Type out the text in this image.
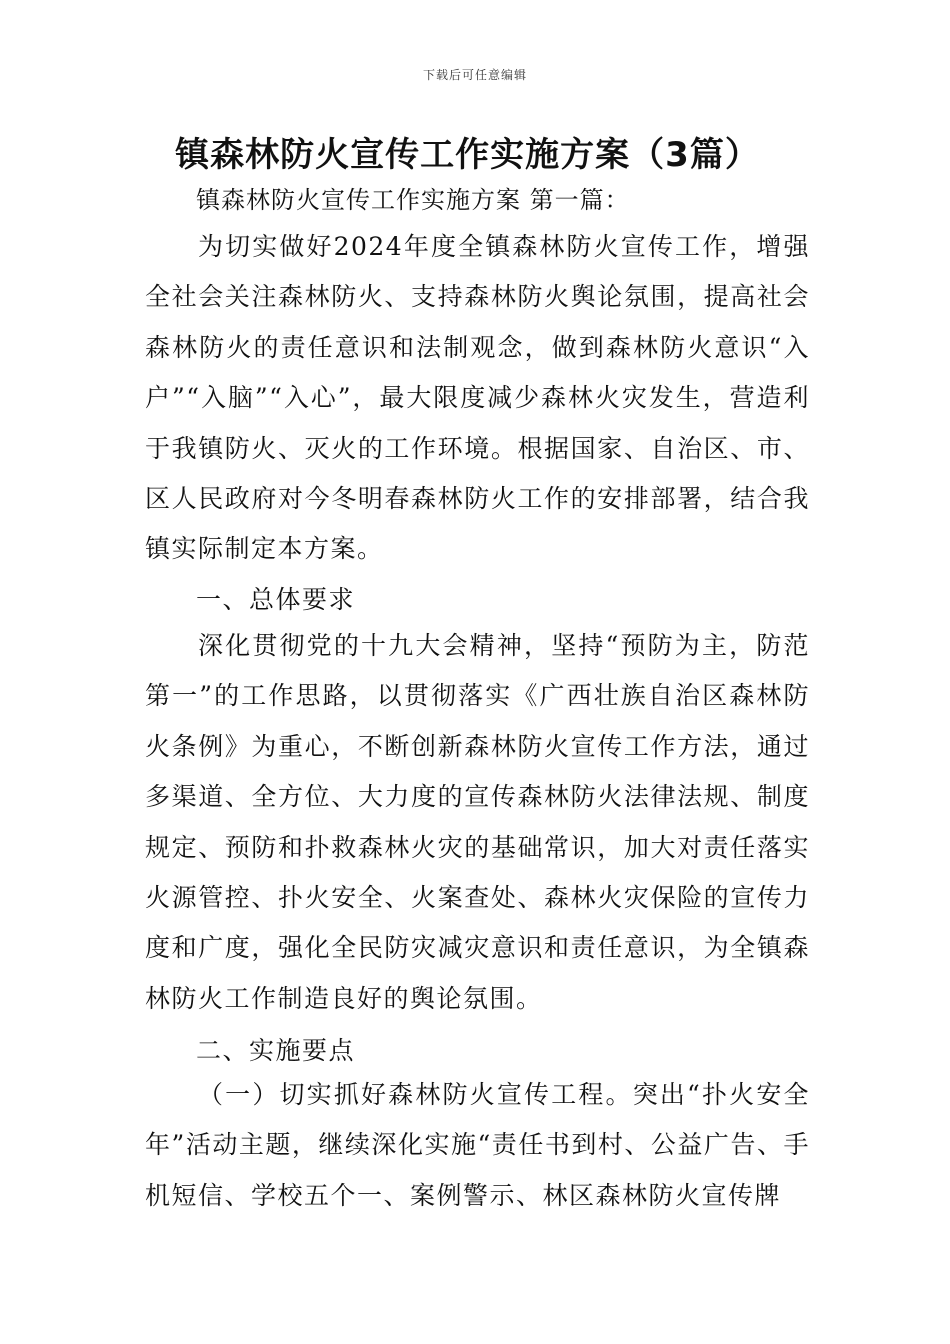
下载后可任意编辑
镇森林防火宣传工作实施方案（3篇）
镇森林防火宣传工作实施方案 第一篇：

为切实做好2024年度全镇森林防火宣传工作，增强全社会关注森林防火、支持森林防火舆论氛围，提高社会森林防火的责任意识和法制观念，做到森林防火意识“入户”“入脑”“入心”，最大限度减少森林火灾发生，营造利于我镇防火、灭火的工作环境。根据国家、自治区、市、区人民政府对今冬明春森林防火工作的安排部署，结合我镇实际制定本方案。

一、总体要求

深化贯彻党的十九大会精神，坚持“预防为主，防范第一”的工作思路，以贯彻落实《广西壮族自治区森林防火条例》为重心，不断创新森林防火宣传工作方法，通过多渠道、全方位、大力度的宣传森林防火法律法规、制度规定、预防和扑救森林火灾的基础常识，加大对责任落实火源管控、扑火安全、火案查处、森林火灾保险的宣传力度和广度，强化全民防灾减灾意识和责任意识，为全镇森林防火工作制造良好的舆论氛围。

二、实施要点

（一）切实抓好森林防火宣传工程。突出“扑火安全年”活动主题，继续深化实施“责任书到村、公益广告、手机短信、学校五个一、案例警示、林区森林防火宣传牌
